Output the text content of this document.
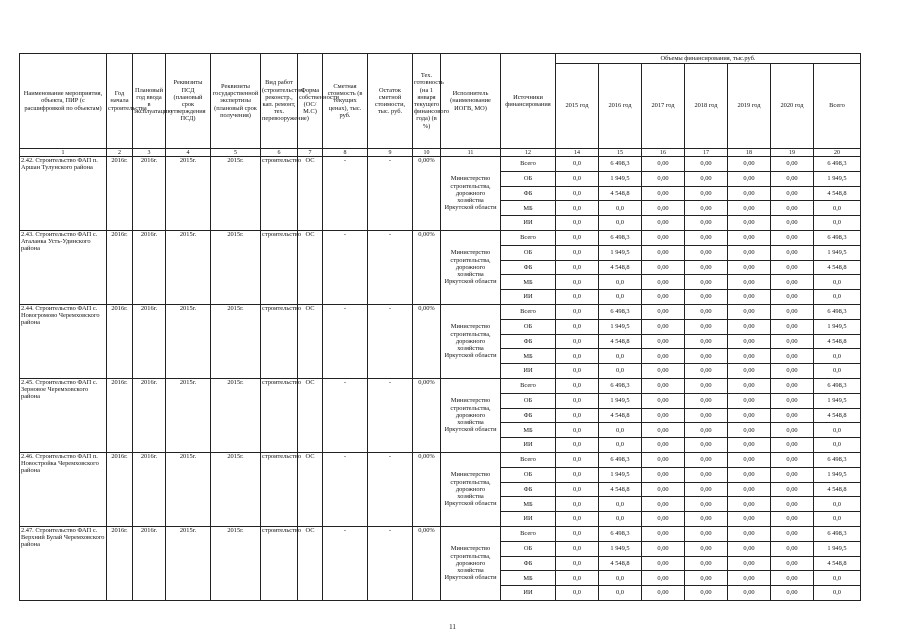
Наименование мероприятия, объекта, ПИР (с расшифровкой по объектам)	Год начала строительства	Плановый год ввода в эксплуатацию	Реквизиты ПСД (плановый срок утверждения ПСД)	Реквизиты государственной экспертизы (плановый срок получения)	Вид работ (строительство, реконстр., кап. ремонт, тех. перевооружение)	Форма собственности (ОС/М.С)	Сметная стоимость (в текущих ценах), тыс. руб.	Остаток сметной стоимости, тыс. руб.	Тех. готовность (на 1 января текущего финансового года) (в %)	Исполнитель (наименование ИОГВ, МО)	Источники финансирования	Объемы финансирования, тыс.руб.						
												2015 год	2016 год	2017 год	2018 год	2019 год	2020 год	Всего
1	2	3	4	5	6	7	8	9	10	11	12	14	15	16	17	18	19	20
2.42. Строительство ФАП п. Аршан Тулунского района	2016г.	2016г.	2015г.	2015г.	строительство	ОС	-	-	0,00%	Министерство строительства, дорожного хозяйства Иркутской области	Всего	0,0	6 498,3	0,00	0,00	0,00	0,00	6 498,3
											ОБ	0,0	1 949,5	0,00	0,00	0,00	0,00	1 949,5
											ФБ	0,0	4 548,8	0,00	0,00	0,00	0,00	4 548,8
											МБ	0,0	0,0	0,00	0,00	0,00	0,00	0,0
											ИИ	0,0	0,0	0,00	0,00	0,00	0,00	0,0
2.43. Строительство ФАП с. Аталанка Усть-Удинского района	2016г.	2016г.	2015г.	2015г.	строительство	ОС	-	-	0,00%	Министерство строительства, дорожного хозяйства Иркутской области	Всего	0,0	6 498,3	0,00	0,00	0,00	0,00	6 498,3
											ОБ	0,0	1 949,5	0,00	0,00	0,00	0,00	1 949,5
											ФБ	0,0	4 548,8	0,00	0,00	0,00	0,00	4 548,8
											МБ	0,0	0,0	0,00	0,00	0,00	0,00	0,0
											ИИ	0,0	0,0	0,00	0,00	0,00	0,00	0,0
2.44. Строительство ФАП с. Новогромово Черемховского района	2016г.	2016г.	2015г.	2015г.	строительство	ОС	-	-	0,00%	Министерство строительства, дорожного хозяйства Иркутской области	Всего	0,0	6 498,3	0,00	0,00	0,00	0,00	6 498,3
											ОБ	0,0	1 949,5	0,00	0,00	0,00	0,00	1 949,5
											ФБ	0,0	4 548,8	0,00	0,00	0,00	0,00	4 548,8
											МБ	0,0	0,0	0,00	0,00	0,00	0,00	0,0
											ИИ	0,0	0,0	0,00	0,00	0,00	0,00	0,0
2.45. Строительство ФАП с. Зерновое Черемховского района	2016г.	2016г.	2015г.	2015г.	строительство	ОС	-	-	0,00%	Министерство строительства, дорожного хозяйства Иркутской области	Всего	0,0	6 498,3	0,00	0,00	0,00	0,00	6 498,3
											ОБ	0,0	1 949,5	0,00	0,00	0,00	0,00	1 949,5
											ФБ	0,0	4 548,8	0,00	0,00	0,00	0,00	4 548,8
											МБ	0,0	0,0	0,00	0,00	0,00	0,00	0,0
											ИИ	0,0	0,0	0,00	0,00	0,00	0,00	0,0
2.46. Строительство ФАП п. Новостройка Черемховского района	2016г.	2016г.	2015г.	2015г.	строительство	ОС	-	-	0,00%	Министерство строительства, дорожного хозяйства Иркутской области	Всего	0,0	6 498,3	0,00	0,00	0,00	0,00	6 498,3
											ОБ	0,0	1 949,5	0,00	0,00	0,00	0,00	1 949,5
											ФБ	0,0	4 548,8	0,00	0,00	0,00	0,00	4 548,8
											МБ	0,0	0,0	0,00	0,00	0,00	0,00	0,0
											ИИ	0,0	0,0	0,00	0,00	0,00	0,00	0,0
2.47. Строительство ФАП с. Верхний Булай Черемховского района	2016г.	2016г.	2015г.	2015г.	строительство	ОС	-	-	0,00%	Министерство строительства, дорожного хозяйства Иркутской области	Всего	0,0	6 498,3	0,00	0,00	0,00	0,00	6 498,3
											ОБ	0,0	1 949,5	0,00	0,00	0,00	0,00	1 949,5
											ФБ	0,0	4 548,8	0,00	0,00	0,00	0,00	4 548,8
											МБ	0,0	0,0	0,00	0,00	0,00	0,00	0,0
											ИИ	0,0	0,0	0,00	0,00	0,00	0,00	0,0
11
